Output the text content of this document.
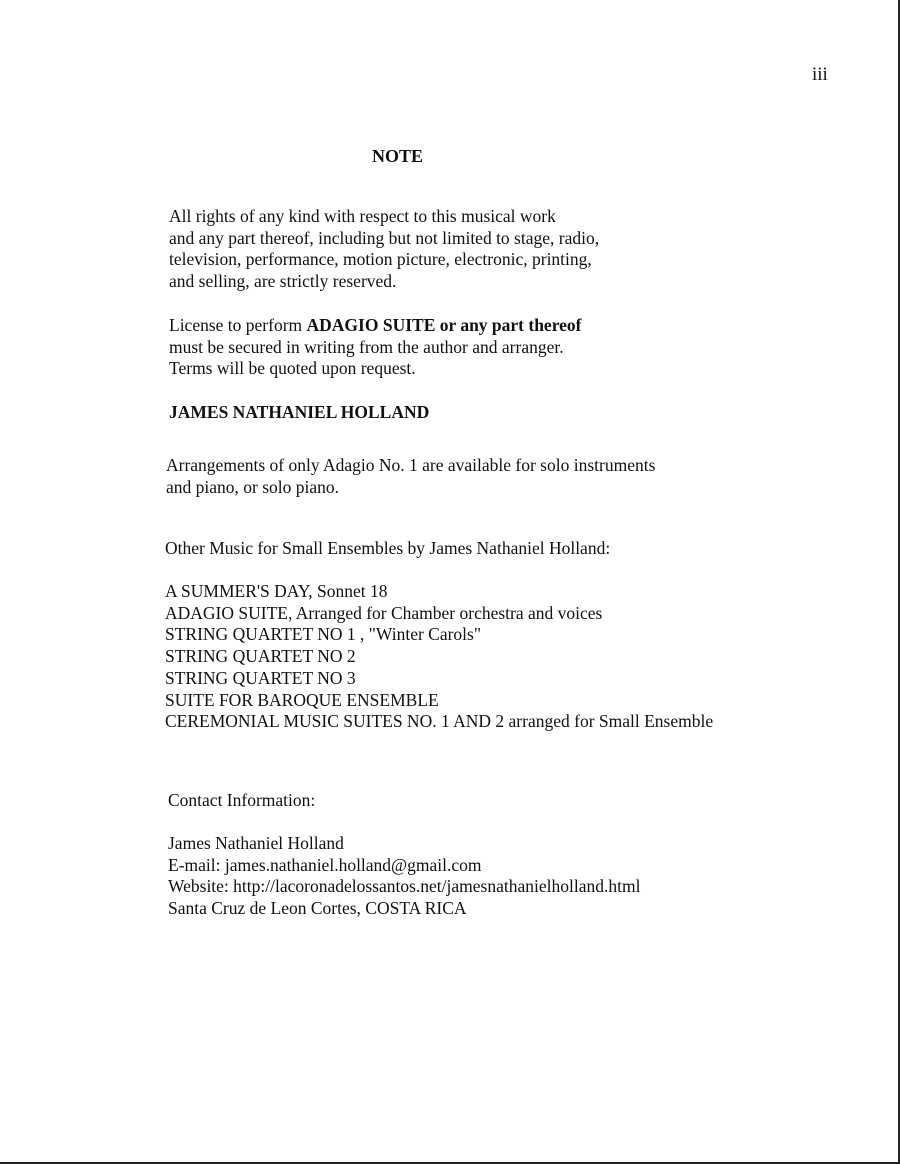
iii
NOTE

All rights of any kind with respect to this musical work

and any part thereof, including but not limited to stage, radio,

television, performance, motion picture, electronic, printing,

and selling, are strictly reserved.

License to perform ADAGIO SUITE or any part thereof

must be secured in writing from the author and arranger.

Terms will be quoted upon request.

JAMES NATHANIEL HOLLAND

Arrangements of only Adagio No. 1 are available for solo instruments

and piano, or solo piano.

Other Music for Small Ensembles by James Nathaniel Holland:

A SUMMER'S DAY, Sonnet 18

ADAGIO SUITE, Arranged for Chamber orchestra and voices

STRING QUARTET NO 1 , "Winter Carols"

STRING QUARTET NO 2

STRING QUARTET NO 3

SUITE FOR BAROQUE ENSEMBLE

CEREMONIAL MUSIC SUITES NO. 1 AND 2 arranged for Small Ensemble

Contact Information:

James Nathaniel Holland

E-mail: james.nathaniel.holland@gmail.com

Website: http://lacoronadelossantos.net/jamesnathanielholland.html

Santa Cruz de Leon Cortes, COSTA RICA
